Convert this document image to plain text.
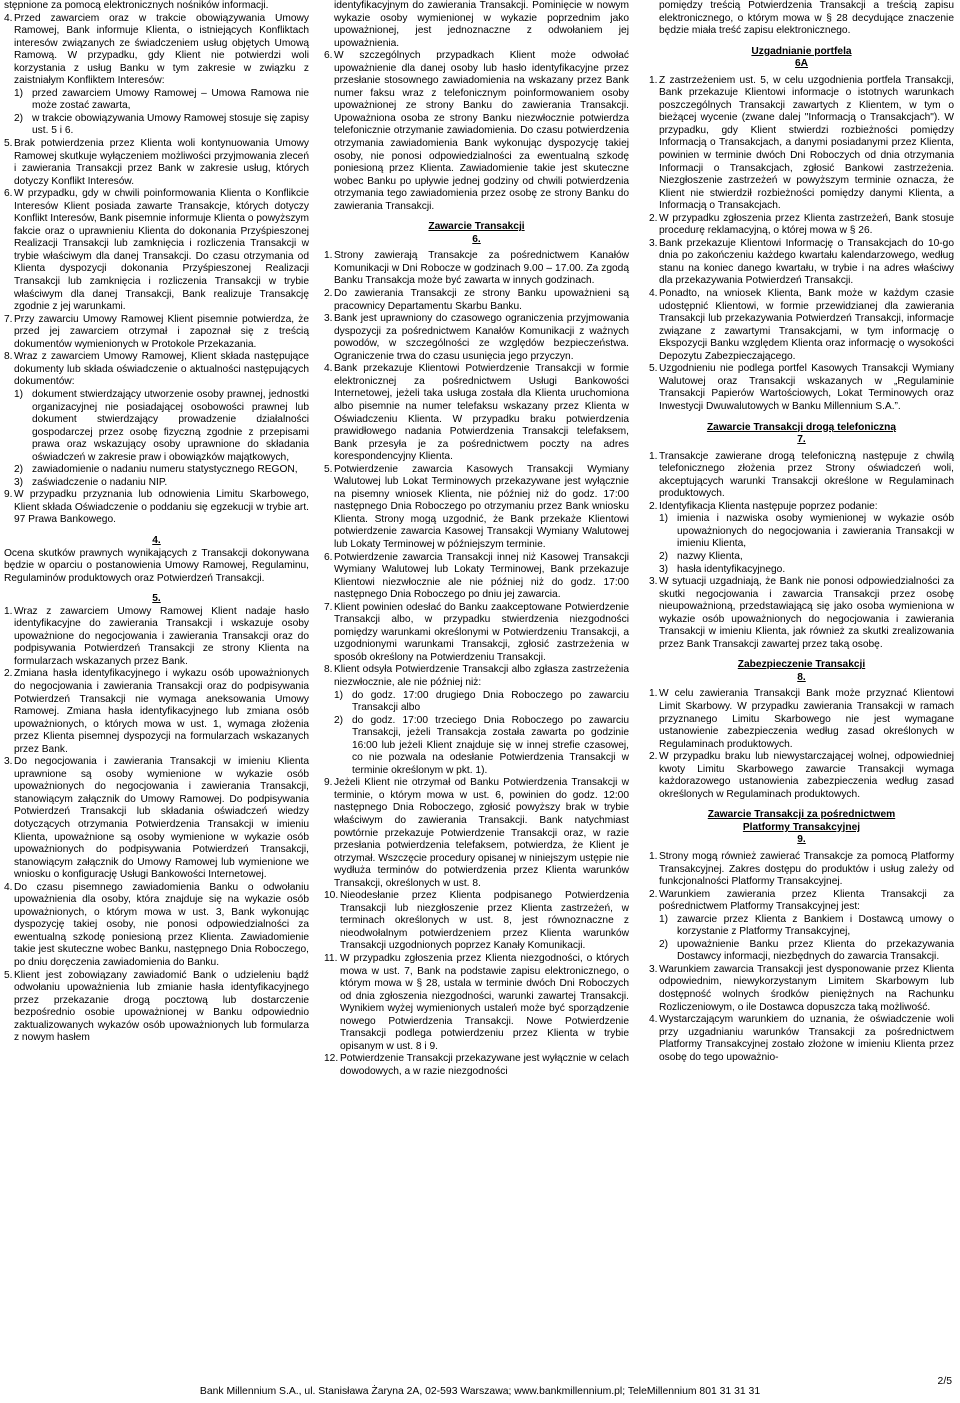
stępnione za pomocą elektronicznych nośników informacji.
4. Przed zawarciem oraz w trakcie obowiązywania Umowy Ramowej, Bank informuje Klienta, o istniejących Konfliktach interesów związanych ze świadczeniem usług objętych Umową Ramową. W przypadku, gdy Klient nie potwierdzi woli korzystania z usług Banku w tym zakresie w związku z zaistniałym Konfliktem Interesów:
1) przed zawarciem Umowy Ramowej – Umowa Ramowa nie może zostać zawarta,
2) w trakcie obowiązywania Umowy Ramowej stosuje się zapisy ust. 5 i 6.
5. Brak potwierdzenia przez Klienta woli kontynuowania Umowy Ramowej skutkuje wyłączeniem możliwości przyjmowania zleceń i zawierania Transakcji przez Bank w zakresie usług, których dotyczy Konflikt Interesów.
6. W przypadku, gdy w chwili poinformowania Klienta o Konflikcie Interesów Klient posiada zawarte Transakcje, których dotyczy Konflikt Interesów, Bank pisemnie informuje Klienta o powyższym fakcie oraz o uprawnieniu Klienta do dokonania Przyśpieszonej Realizacji Transakcji lub zamknięcia i rozliczenia Transakcji w trybie właściwym dla danej Transakcji. Do czasu otrzymania od Klienta dyspozycji dokonania Przyśpieszonej Realizacji Transakcji lub zamknięcia i rozliczenia Transakcji w trybie właściwym dla danej Transakcji, Bank realizuje Transakcję zgodnie z jej warunkami.
7. Przy zawarciu Umowy Ramowej Klient pisemnie potwierdza, że przed jej zawarciem otrzymał i zapoznał się z treścią dokumentów wymienionych w Protokole Przekazania.
8. Wraz z zawarciem Umowy Ramowej, Klient składa następujące dokumenty lub składa oświadczenie o aktualności następujących dokumentów:
1) dokument stwierdzający utworzenie osoby prawnej, jednostki organizacyjnej nie posiadającej osobowości prawnej lub dokument stwierdzający prowadzenie działalności gospodarczej przez osobę fizyczną zgodnie z przepisami prawa oraz wskazujący osoby uprawnione do składania oświadczeń w zakresie praw i obowiązków majątkowych,
2) zawiadomienie o nadaniu numeru statystycznego REGON,
3) zaświadczenie o nadaniu NIP.
9. W przypadku przyznania lub odnowienia Limitu Skarbowego, Klient składa Oświadczenie o poddaniu się egzekucji w trybie art. 97 Prawa Bankowego.
4.
Ocena skutków prawnych wynikających z Transakcji dokonywana będzie w oparciu o postanowienia Umowy Ramowej, Regulaminu, Regulaminów produktowych oraz Potwierdzeń Transakcji.
5.
1. Wraz z zawarciem Umowy Ramowej Klient nadaje hasło identyfikacyjne do zawierania Transakcji i wskazuje osoby upoważnione do negocjowania i zawierania Transakcji oraz do podpisywania Potwierdzeń Transakcji ze strony Klienta na formularzach wskazanych przez Bank.
2. Zmiana hasła identyfikacyjnego i wykazu osób upoważnionych do negocjowania i zawierania Transakcji oraz do podpisywania Potwierdzeń Transakcji nie wymaga aneksowania Umowy Ramowej. Zmiana hasła identyfikacyjnego lub zmiana osób upoważnionych, o których mowa w ust. 1, wymaga złożenia przez Klienta pisemnej dyspozycji na formularzach wskazanych przez Bank.
3. Do negocjowania i zawierania Transakcji w imieniu Klienta uprawnione są osoby wymienione w wykazie osób upoważnionych do negocjowania i zawierania Transakcji, stanowiącym załącznik do Umowy Ramowej. Do podpisywania Potwierdzeń Transakcji lub składania oświadczeń wiedzy dotyczących otrzymania Potwierdzenia Transakcji w imieniu Klienta, upoważnione są osoby wymienione w wykazie osób upoważnionych do podpisywania Potwierdzeń Transakcji, stanowiącym załącznik do Umowy Ramowej lub wymienione we wniosku o konfigurację Usługi Bankowości Internetowej.
4. Do czasu pisemnego zawiadomienia Banku o odwołaniu upoważnienia dla osoby, która znajduje się na wykazie osób upoważnionych, o którym mowa w ust. 3, Bank wykonując dyspozycję takiej osoby, nie ponosi odpowiedzialności za ewentualną szkodę poniesioną przez Klienta. Zawiadomienie takie jest skuteczne wobec Banku, następnego Dnia Roboczego, po dniu doręczenia zawiadomienia do Banku.
5. Klient jest zobowiązany zawiadomić Bank o udzieleniu bądź odwołaniu upoważnienia lub zmianie hasła identyfikacyjnego przez przekazanie drogą pocztową lub dostarczenie bezpośrednio osobie upoważnionej w Banku odpowiednio zaktualizowanych wykazów osób upoważnionych lub formularza z nowym hasłem
identyfikacyjnym do zawierania Transakcji. Pominięcie w nowym wykazie osoby wymienionej w wykazie poprzednim jako upoważnionej, jest jednoznaczne z odwołaniem jej upoważnienia.
6. W szczególnych przypadkach Klient może odwołać upoważnienie dla danej osoby lub hasło identyfikacyjne przez przesłanie stosownego zawiadomienia na wskazany przez Bank numer faksu wraz z telefonicznym poinformowaniem osoby upoważnionej ze strony Banku do zawierania Transakcji. Upoważniona osoba ze strony Banku niezwłocznie potwierdza telefonicznie otrzymanie zawiadomienia. Do czasu potwierdzenia otrzymania zawiadomienia Bank wykonując dyspozycję takiej osoby, nie ponosi odpowiedzialności za ewentualną szkodę poniesioną przez Klienta. Zawiadomienie takie jest skuteczne wobec Banku po upływie jednej godziny od chwili potwierdzenia otrzymania tego zawiadomienia przez osobę ze strony Banku do zawierania Transakcji.
Zawarcie Transakcji
6.
1. Strony zawierają Transakcje za pośrednictwem Kanałów Komunikacji w Dni Robocze w godzinach 9.00 – 17.00. Za zgodą Banku Transakcja może być zawarta w innych godzinach.
2. Do zawierania Transakcji ze strony Banku upoważnieni są pracownicy Departamentu Skarbu Banku.
3. Bank jest uprawniony do czasowego ograniczenia przyjmowania dyspozycji za pośrednictwem Kanałów Komunikacji z ważnych powodów, w szczególności ze względów bezpieczeństwa. Ograniczenie trwa do czasu usunięcia jego przyczyn.
4. Bank przekazuje Klientowi Potwierdzenie Transakcji w formie elektronicznej za pośrednictwem Usługi Bankowości Internetowej, jeżeli taka usługa została dla Klienta uruchomiona albo pisemnie na numer telefaksu wskazany przez Klienta w Oświadczeniu Klienta. W przypadku braku potwierdzenia prawidłowego nadania Potwierdzenia Transakcji telefaksem, Bank przesyła je za pośrednictwem poczty na adres korespondencyjny Klienta.
5. Potwierdzenie zawarcia Kasowych Transakcji Wymiany Walutowej lub Lokat Terminowych przekazywane jest wyłącznie na pisemny wniosek Klienta, nie później niż do godz. 17:00 następnego Dnia Roboczego po otrzymaniu przez Bank wniosku Klienta. Strony mogą uzgodnić, że Bank przekaże Klientowi potwierdzenie zawarcia Kasowej Transakcji Wymiany Walutowej lub Lokaty Terminowej w późniejszym terminie.
6. Potwierdzenie zawarcia Transakcji innej niż Kasowej Transakcji Wymiany Walutowej lub Lokaty Terminowej, Bank przekazuje Klientowi niezwłocznie ale nie później niż do godz. 17:00 następnego Dnia Roboczego po dniu jej zawarcia.
7. Klient powinien odesłać do Banku zaakceptowane Potwierdzenie Transakcji albo, w przypadku stwierdzenia niezgodności pomiędzy warunkami określonymi w Potwierdzeniu Transakcji, a uzgodnionymi warunkami Transakcji, zgłosić zastrzeżenia w sposób określony na Potwierdzeniu Transakcji.
8. Klient odsyła Potwierdzenie Transakcji albo zgłasza zastrzeżenia niezwłocznie, ale nie później niż:
1) do godz. 17:00 drugiego Dnia Roboczego po zawarciu Transakcji albo
2) do godz. 17:00 trzeciego Dnia Roboczego po zawarciu Transakcji, jeżeli Transakcja została zawarta po godzinie 16:00 lub jeżeli Klient znajduje się w innej strefie czasowej, co nie pozwala na odesłanie Potwierdzenia Transakcji w terminie określonym w pkt. 1).
9. Jeżeli Klient nie otrzymał od Banku Potwierdzenia Transakcji w terminie, o którym mowa w ust. 6, powinien do godz. 12:00 następnego Dnia Roboczego, zgłosić powyższy brak w trybie właściwym do zawierania Transakcji. Bank natychmiast powtórnie przekazuje Potwierdzenie Transakcji oraz, w razie przesłania potwierdzenia telefaksem, potwierdza, że Klient je otrzymał. Wszczęcie procedury opisanej w niniejszym ustępie nie wydłuża terminów do potwierdzenia przez Klienta warunków Transakcji, określonych w ust. 8.
10. Nieodesłanie przez Klienta podpisanego Potwierdzenia Transakcji lub niezgłoszenie przez Klienta zastrzeżeń, w terminach określonych w ust. 8, jest równoznaczne z nieodwołalnym potwierdzeniem przez Klienta warunków Transakcji uzgodnionych poprzez Kanały Komunikacji.
11. W przypadku zgłoszenia przez Klienta niezgodności, o których mowa w ust. 7, Bank na podstawie zapisu elektronicznego, o którym mowa w § 28, ustala w terminie dwóch Dni Roboczych od dnia zgłoszenia niezgodności, warunki zawartej Transakcji. Wynikiem wyżej wymienionych ustaleń może być sporządzenie nowego Potwierdzenia Transakcji. Nowe Potwierdzenie Transakcji podlega potwierdzeniu przez Klienta w trybie opisanym w ust. 8 i 9.
12. Potwierdzenie Transakcji przekazywane jest wyłącznie w celach dowodowych, a w razie niezgodności
pomiędzy treścią Potwierdzenia Transakcji a treścią zapisu elektronicznego, o którym mowa w § 28 decydujące znaczenie będzie miała treść zapisu elektronicznego.
Uzgadnianie portfela
6A
1. Z zastrzeżeniem ust. 5, w celu uzgodnienia portfela Transakcji, Bank przekazuje Klientowi informacje o istotnych warunkach poszczególnych Transakcji zawartych z Klientem, w tym o bieżącej wycenie (zwane dalej "Informacją o Transakcjach"). W przypadku, gdy Klient stwierdzi rozbieżności pomiędzy Informacją o Transakcjach, a danymi posiadanymi przez Klienta, powinien w terminie dwóch Dni Roboczych od dnia otrzymania Informacji o Transakcjach, zgłosić Bankowi zastrzeżenia. Niezgłoszenie zastrzeżeń w powyższym terminie oznacza, że Klient nie stwierdził rozbieżności pomiędzy danymi Klienta, a Informacją o Transakcjach.
2. W przypadku zgłoszenia przez Klienta zastrzeżeń, Bank stosuje procedurę reklamacyjną, o której mowa w § 26.
3. Bank przekazuje Klientowi Informację o Transakcjach do 10-go dnia po zakończeniu każdego kwartału kalendarzowego, według stanu na koniec danego kwartału, w trybie i na adres właściwy dla przekazywania Potwierdzeń Transakcji.
4. Ponadto, na wniosek Klienta, Bank może w każdym czasie udostępnić Klientowi, w formie przewidzianej dla zawierania Transakcji lub przekazywania Potwierdzeń Transakcji, informacje związane z zawartymi Transakcjami, w tym informację o Ekspozycji Banku względem Klienta oraz informację o wysokości Depozytu Zabezpieczającego.
5. Uzgodnieniu nie podlega portfel Kasowych Transakcji Wymiany Walutowej oraz Transakcji wskazanych w „Regulaminie Transakcji Papierów Wartościowych, Lokat Terminowych oraz Inwestycji Dwuwalutowych w Banku Millennium S.A.”.
Zawarcie Transakcji drogą telefoniczną
7.
1. Transakcje zawierane drogą telefoniczną następuje z chwilą telefonicznego złożenia przez Strony oświadczeń woli, akceptujących warunki Transakcji określone w Regulaminach produktowych.
2. Identyfikacja Klienta następuje poprzez podanie:
1) imienia i nazwiska osoby wymienionej w wykazie osób upoważnionych do negocjowania i zawierania Transakcji w imieniu Klienta,
2) nazwy Klienta,
3) hasła identyfikacyjnego.
3. W sytuacji uzgadniają, że Bank nie ponosi odpowiedzialności za skutki negocjowania i zawarcia Transakcji przez osobę nieupoważnioną, przedstawiającą się jako osoba wymieniona w wykazie osób upoważnionych do negocjowania i zawierania Transakcji w imieniu Klienta, jak również za skutki zrealizowania przez Bank Transakcji zawartej przez taką osobę.
Zabezpieczenie Transakcji
8.
1. W celu zawierania Transakcji Bank może przyznać Klientowi Limit Skarbowy. W przypadku zawierania Transakcji w ramach przyznanego Limitu Skarbowego nie jest wymagane ustanowienie zabezpieczenia według zasad określonych w Regulaminach produktowych.
2. W przypadku braku lub niewystarczającej wolnej, odpowiedniej kwoty Limitu Skarbowego zawarcie Transakcji wymaga każdorazowego ustanowienia zabezpieczenia według zasad określonych w Regulaminach produktowych.
Zawarcie Transakcji za pośrednictwem
Platformy Transakcyjnej
9.
1. Strony mogą również zawierać Transakcje za pomocą Platformy Transakcyjnej. Zakres dostępu do produktów i usług zależy od funkcjonalności Platformy Transakcyjnej.
2. Warunkiem zawierania przez Klienta Transakcji za pośrednictwem Platformy Transakcyjnej jest:
1) zawarcie przez Klienta z Bankiem i Dostawcą umowy o korzystanie z Platformy Transakcyjnej,
2) upoważnienie Banku przez Klienta do przekazywania Dostawcy informacji, niezbędnych do zawarcia Transakcji.
3. Warunkiem zawarcia Transakcji jest dysponowanie przez Klienta odpowiednim, niewykorzystanym Limitem Skarbowym lub dostępność wolnych środków pieniężnych na Rachunku Rozliczeniowym, o ile Dostawca dopuszcza taką możliwość.
4. Wystarczającym warunkiem do uznania, że oświadczenie woli przy uzgadnianiu warunków Transakcji za pośrednictwem Platformy Transakcyjnej zostało złożone w imieniu Klienta przez osobę do tego upoważnio-
2/5
Bank Millennium S.A., ul. Stanisława Żaryna 2A, 02-593 Warszawa; www.bankmillennium.pl; TeleMillennium 801 31 31 31
